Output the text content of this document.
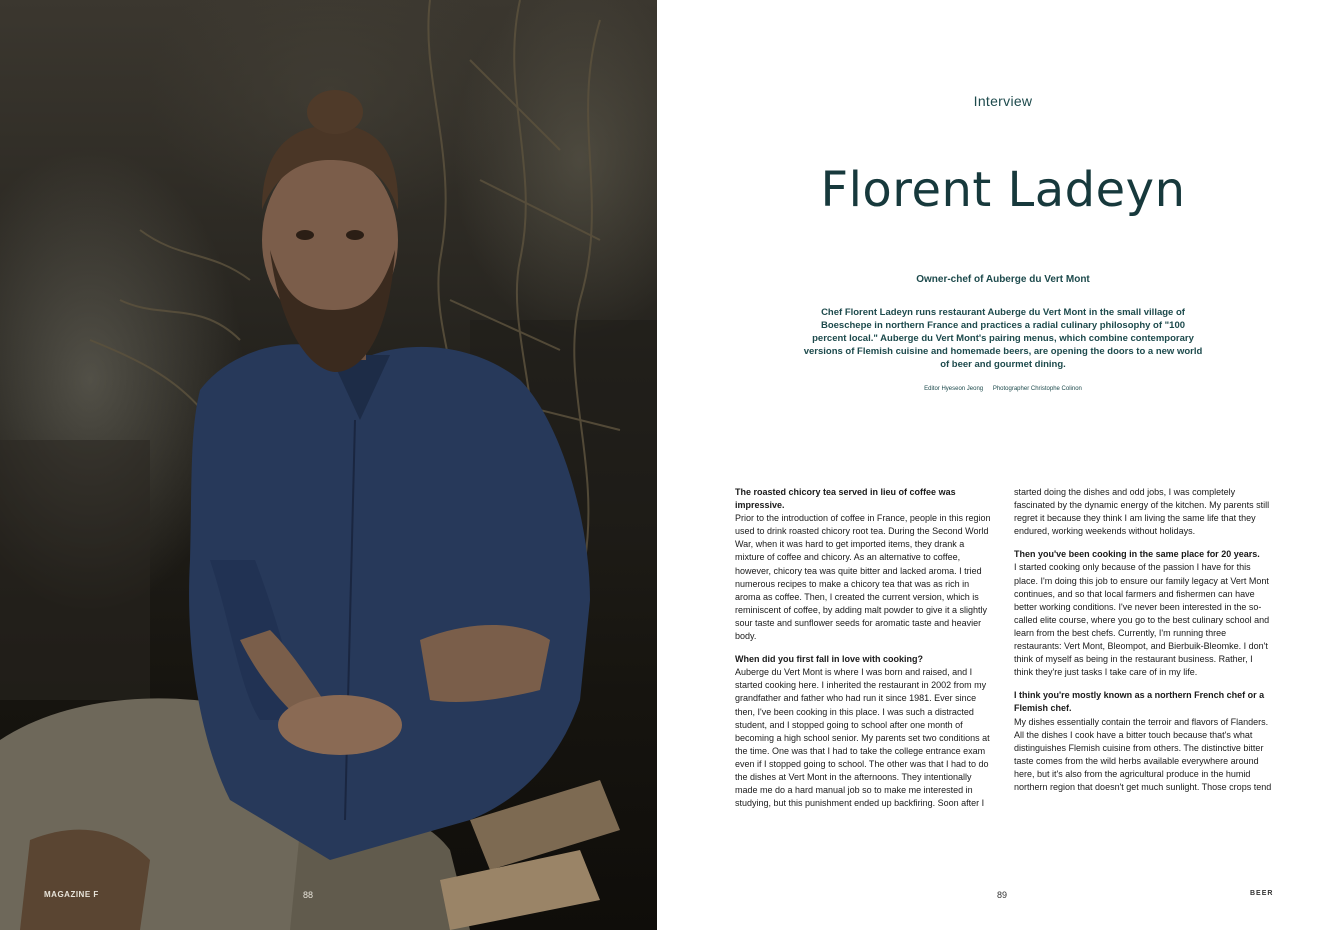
MAGAZINE F	88
Interview
Florent Ladeyn
Owner-chef of Auberge du Vert Mont

Chef Florent Ladeyn runs restaurant Auberge du Vert Mont in the small village of Boeschepe in northern France and practices a radial culinary philosophy of "100 percent local." Auberge du Vert Mont's pairing menus, which combine contemporary versions of Flemish cuisine and homemade beers, are opening the doors to a new world of beer and gourmet dining.

Editor Hyeseon Jeong Photographer Christophe Colinon

The roasted chicory tea served in lieu of coffee was impressive.

Prior to the introduction of coffee in France, people in this region used to drink roasted chicory root tea. During the Second World War, when it was hard to get imported items, they drank a mixture of coffee and chicory. As an alternative to coffee, however, chicory tea was quite bitter and lacked aroma. I tried numerous recipes to make a chicory tea that was as rich in aroma as coffee. Then, I created the current version, which is reminiscent of coffee, by adding malt powder to give it a slightly sour taste and sunflower seeds for aromatic taste and heavier body.

When did you first fall in love with cooking?

Auberge du Vert Mont is where I was born and raised, and I started cooking here. I inherited the restaurant in 2002 from my grandfather and father who had run it since 1981. Ever since then, I've been cooking in this place. I was such a distracted student, and I stopped going to school after one month of becoming a high school senior. My parents set two conditions at the time. One was that I had to take the college entrance exam even if I stopped going to school. The other was that I had to do the dishes at Vert Mont in the afternoons. They intentionally made me do a hard manual job so to make me interested in studying, but this punishment ended up backfiring. Soon after I

started doing the dishes and odd jobs, I was completely fascinated by the dynamic energy of the kitchen. My parents still regret it because they think I am living the same life that they endured, working weekends without holidays.

Then you've been cooking in the same place for 20 years.

I started cooking only because of the passion I have for this place. I'm doing this job to ensure our family legacy at Vert Mont continues, and so that local farmers and fishermen can have better working conditions. I've never been interested in the so-called elite course, where you go to the best culinary school and learn from the best chefs. Currently, I'm running three restaurants: Vert Mont, Bleompot, and Bierbuik-Bleomke. I don't think of myself as being in the restaurant business. Rather, I think they're just tasks I take care of in my life.

I think you're mostly known as a northern French chef or a Flemish chef.

My dishes essentially contain the terroir and flavors of Flanders. All the dishes I cook have a bitter touch because that's what distinguishes Flemish cuisine from others. The distinctive bitter taste comes from the wild herbs available everywhere around here, but it's also from the agricultural produce in the humid northern region that doesn't get much sunlight. Those crops tend

89	BEER
